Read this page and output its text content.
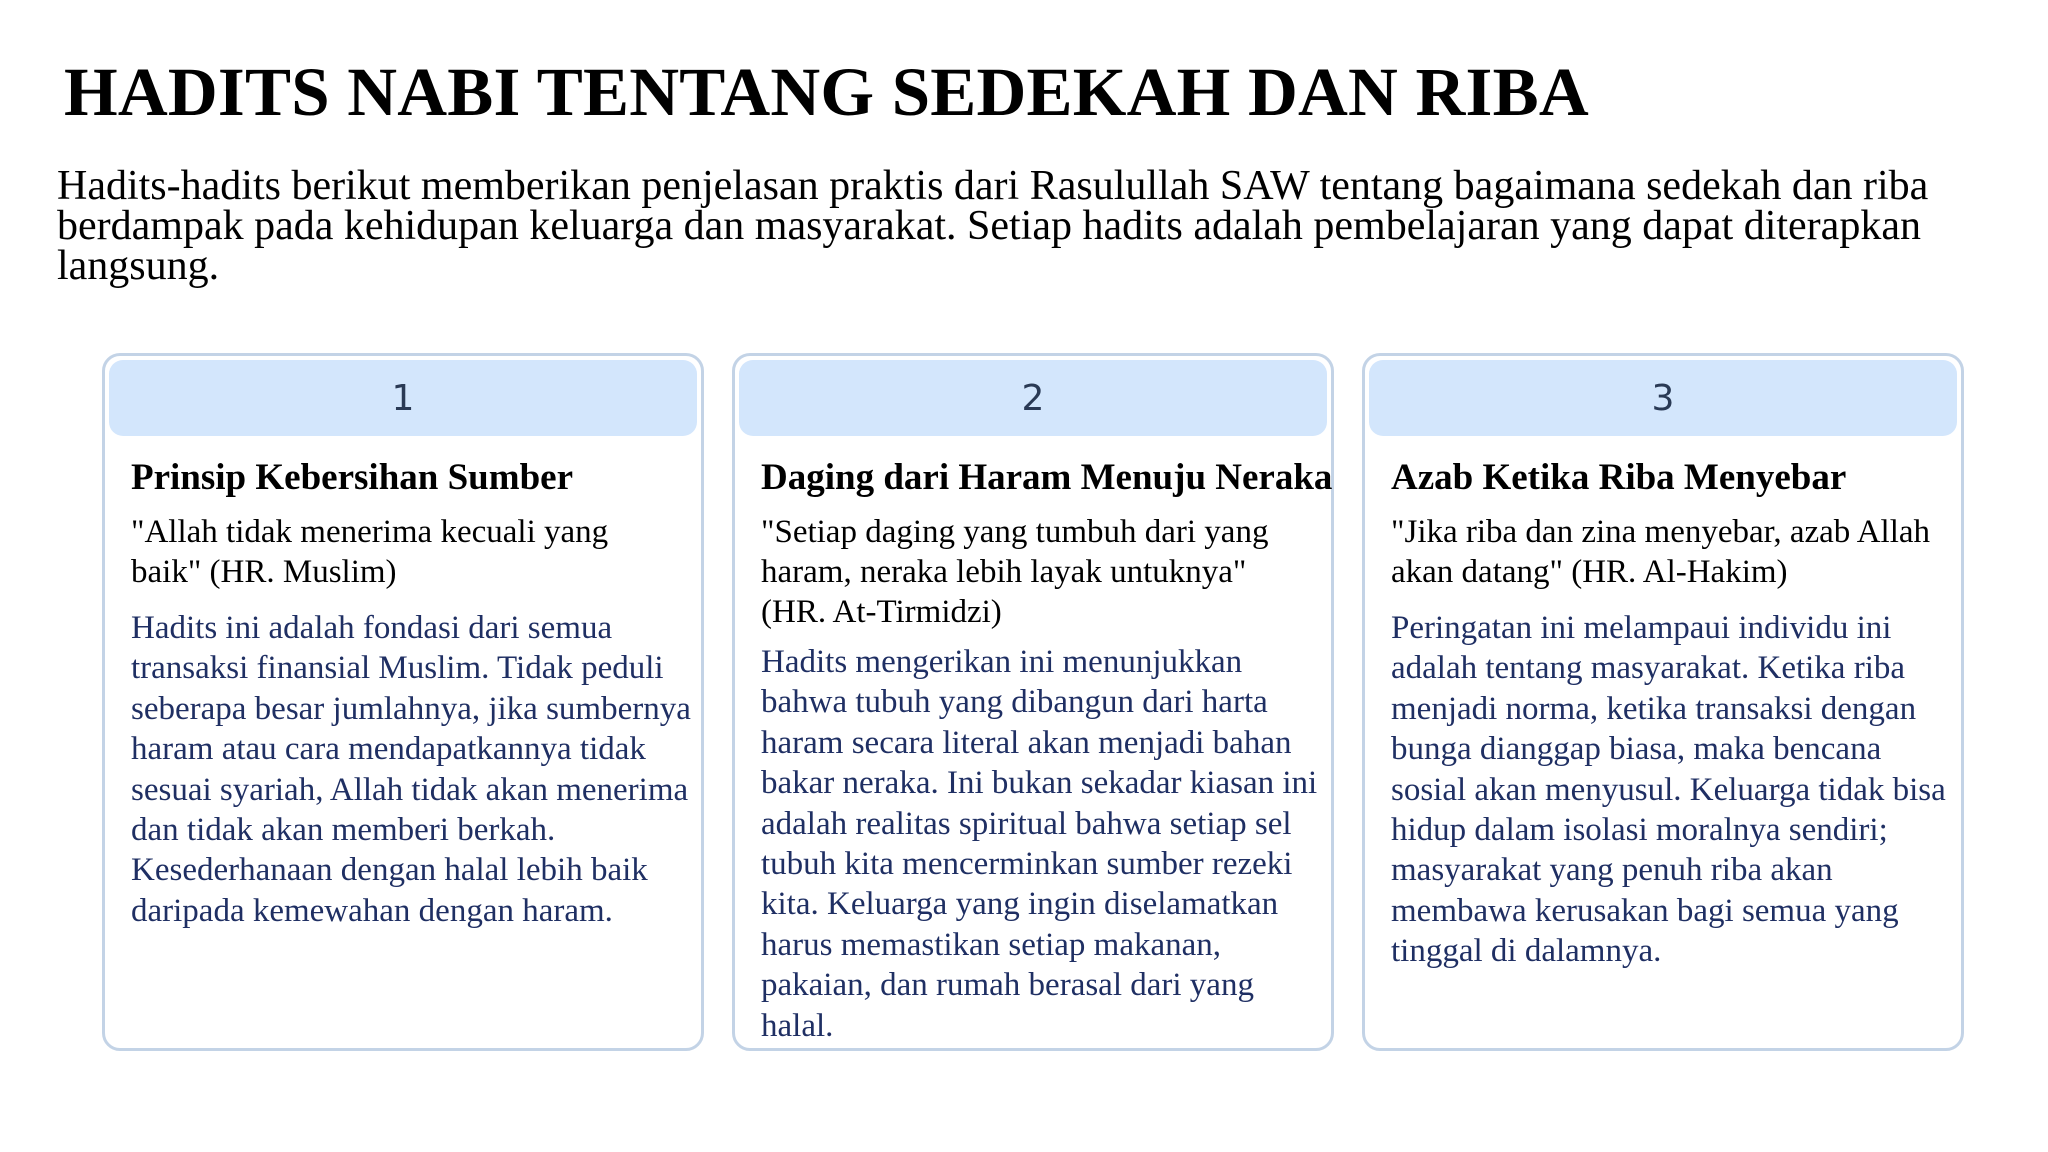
HADITS NABI TENTANG SEDEKAH DAN RIBA

Hadits-hadits berikut memberikan penjelasan praktis dari Rasulullah SAW tentang bagaimana sedekah dan riba berdampak pada kehidupan keluarga dan masyarakat. Setiap hadits adalah pembelajaran yang dapat diterapkan langsung.

1
Prinsip Kebersihan Sumber

"Allah tidak menerima kecuali yang baik" (HR. Muslim)

Hadits ini adalah fondasi dari semua transaksi finansial Muslim. Tidak peduli seberapa besar jumlahnya, jika sumbernya haram atau cara mendapatkannya tidak sesuai syariah, Allah tidak akan menerima dan tidak akan memberi berkah. Kesederhanaan dengan halal lebih baik daripada kemewahan dengan haram.

2
Daging dari Haram Menuju Neraka

"Setiap daging yang tumbuh dari yang haram, neraka lebih layak untuknya" (HR. At-Tirmidzi)

Hadits mengerikan ini menunjukkan bahwa tubuh yang dibangun dari harta haram secara literal akan menjadi bahan bakar neraka. Ini bukan sekadar kiasan ini adalah realitas spiritual bahwa setiap sel tubuh kita mencerminkan sumber rezeki kita. Keluarga yang ingin diselamatkan harus memastikan setiap makanan, pakaian, dan rumah berasal dari yang halal.

3
Azab Ketika Riba Menyebar

"Jika riba dan zina menyebar, azab Allah akan datang" (HR. Al-Hakim)

Peringatan ini melampaui individu ini adalah tentang masyarakat. Ketika riba menjadi norma, ketika transaksi dengan bunga dianggap biasa, maka bencana sosial akan menyusul. Keluarga tidak bisa hidup dalam isolasi moralnya sendiri; masyarakat yang penuh riba akan membawa kerusakan bagi semua yang tinggal di dalamnya.
